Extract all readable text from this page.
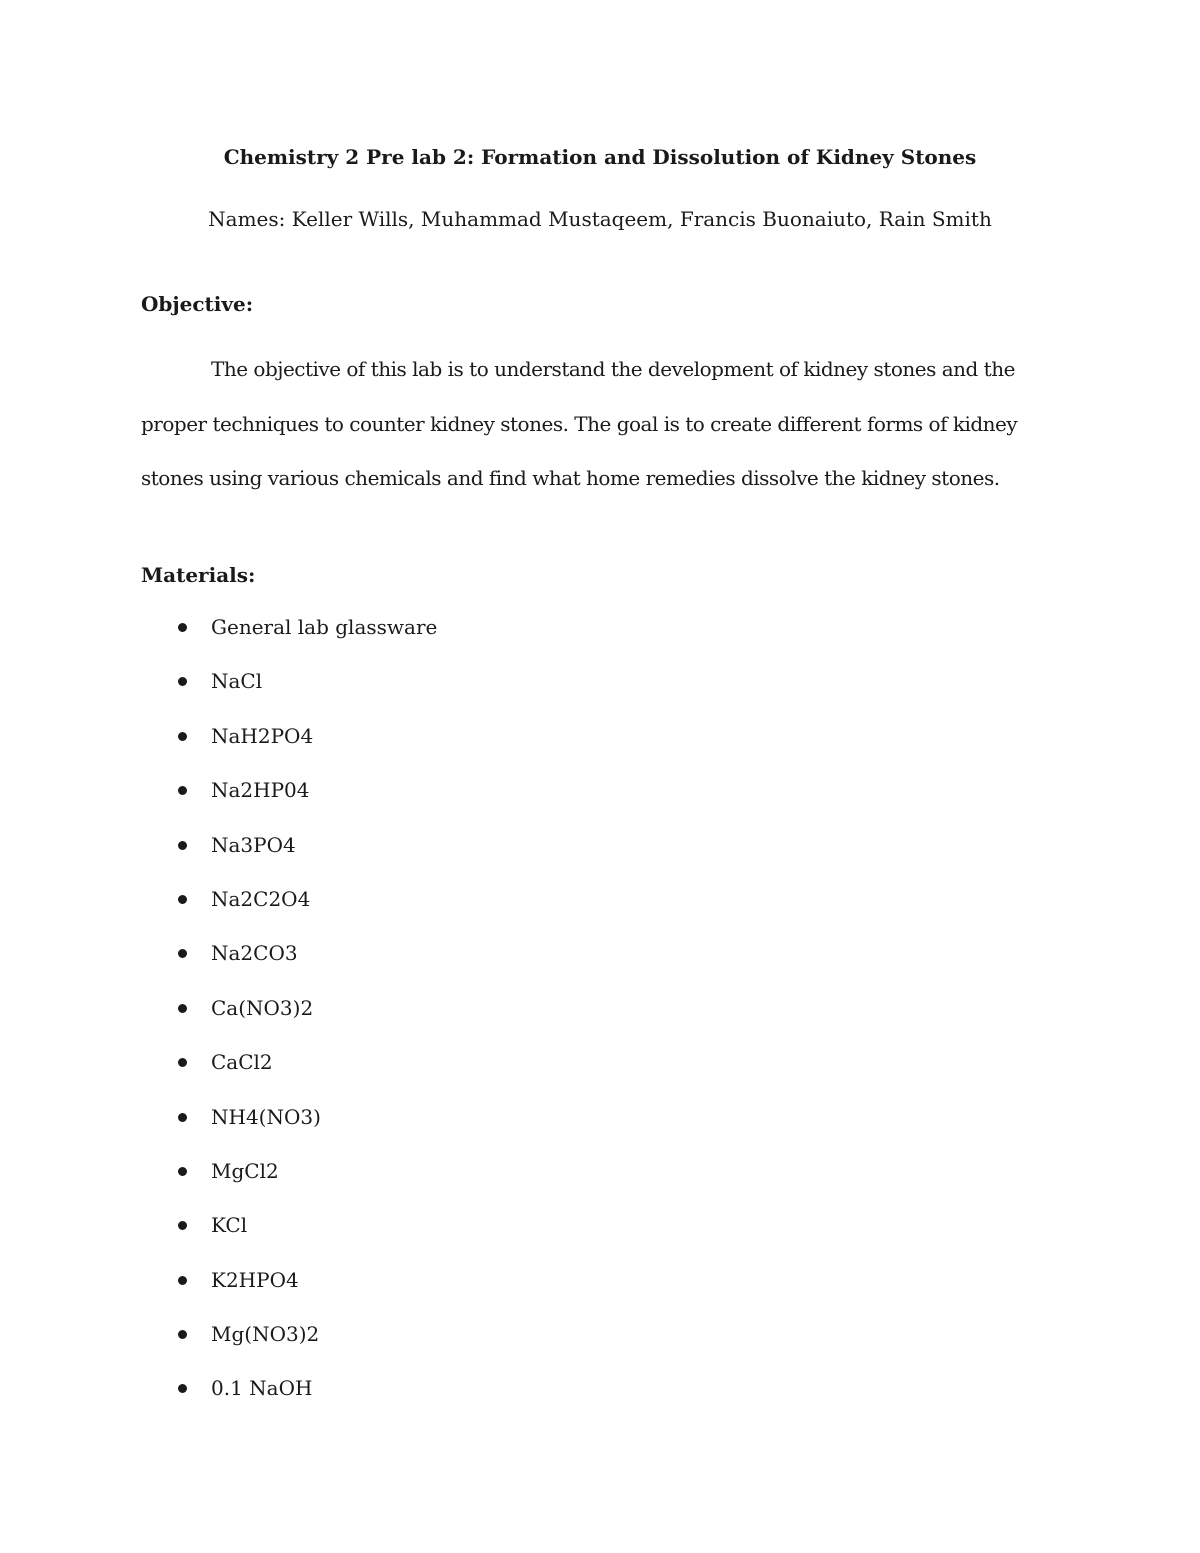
Chemistry 2 Pre lab 2: Formation and Dissolution of Kidney Stones
Names: Keller Wills, Muhammad Mustaqeem, Francis Buonaiuto, Rain Smith
Objective:

The objective of this lab is to understand the development of kidney stones and the proper techniques to counter kidney stones. The goal is to create different forms of kidney stones using various chemicals and find what home remedies dissolve the kidney stones.

Materials:
General lab glassware
NaCl
NaH2PO4
Na2HP04
Na3PO4
Na2C2O4
Na2CO3
Ca(NO3)2
CaCl2
NH4(NO3)
MgCl2
KCl
K2HPO4
Mg(NO3)2
0.1 NaOH
